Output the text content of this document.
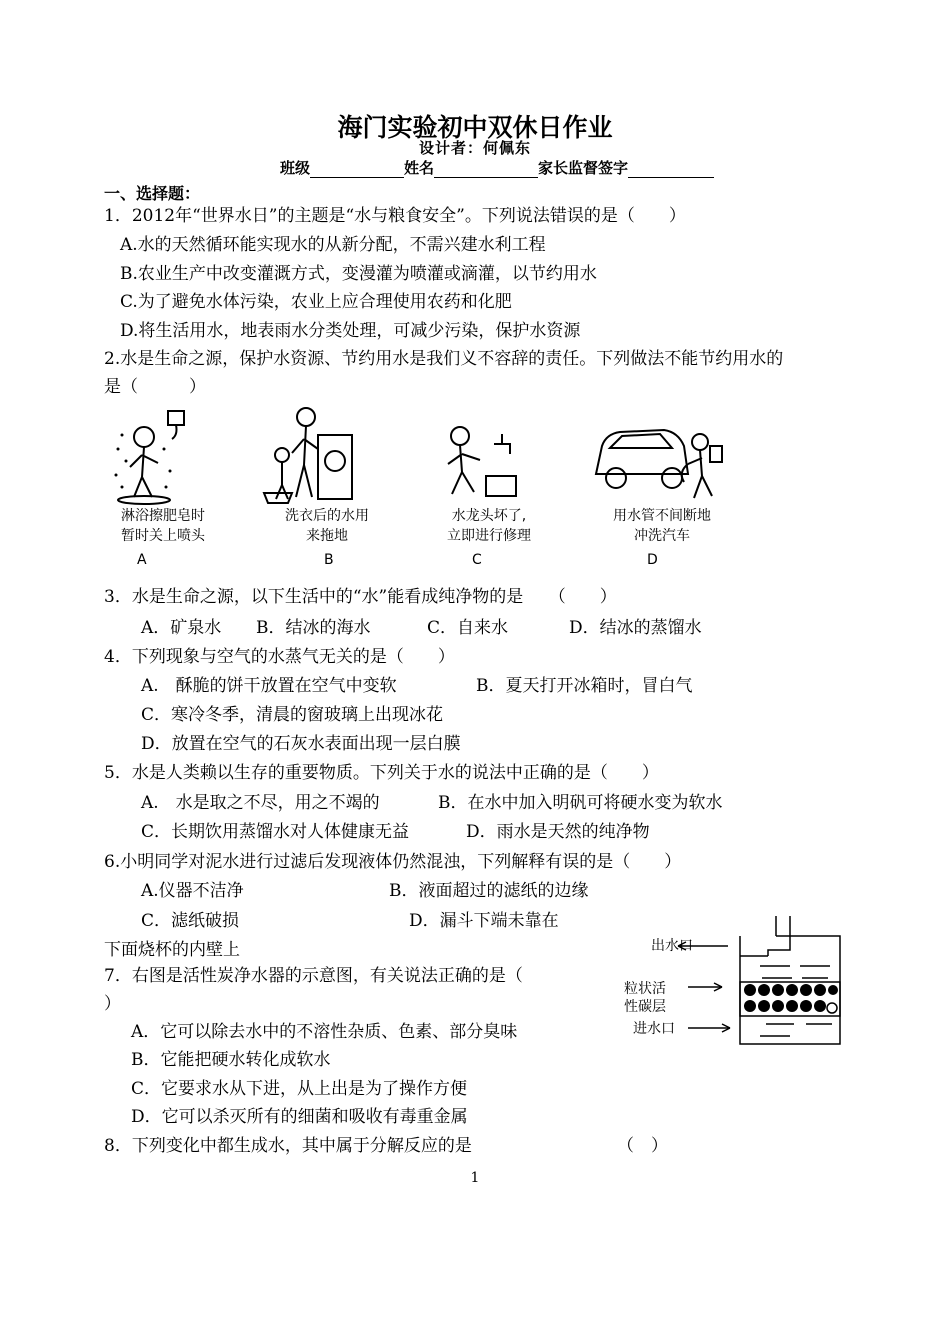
海门实验初中双休日作业
设计者：何佩东
班级	姓名	家长监督签字
一、选择题：
1．2012年“世界水日”的主题是“水与粮食安全”。下列说法错误的是（　　）
A.水的天然循环能实现水的从新分配，不需兴建水利工程
B.农业生产中改变灌溉方式，变漫灌为喷灌或滴灌，以节约用水
C.为了避免水体污染，农业上应合理使用农药和化肥
D.将生活用水，地表雨水分类处理，可减少污染，保护水资源
2.水是生命之源，保护水资源、节约用水是我们义不容辞的责任。下列做法不能节约用水的
是（　　　）
淋浴擦肥皂时
暂时关上喷头
洗衣后的水用
来拖地
水龙头坏了,
立即进行修理
用水管不间断地
冲洗汽车
A	B	C	D
3．水是生命之源，以下生活中的“水”能看成纯净物的是　　（　　）
A．矿泉水 B．结冰的海水	C．自来水	D．结冰的蒸馏水
4．下列现象与空气的水蒸气无关的是（　　）
A.　酥脆的饼干放置在空气中变软	B．夏天打开冰箱时，冒白气
C．寒冷冬季，清晨的窗玻璃上出现冰花
D．放置在空气的石灰水表面出现一层白膜
5．水是人类赖以生存的重要物质。下列关于水的说法中正确的是（　　）
A.　水是取之不尽，用之不竭的	B．在水中加入明矾可将硬水变为软水
C．长期饮用蒸馏水对人体健康无益	D．雨水是天然的纯净物
6.小明同学对泥水进行过滤后发现液体仍然混浊，下列解释有误的是（　　）
A.仪器不洁净	B．液面超过的滤纸的边缘
C．滤纸破损	D．漏斗下端未靠在
下面烧杯的内壁上
7．右图是活性炭净水器的示意图，有关说法正确的是（
）
A．它可以除去水中的不溶性杂质、色素、部分臭味
B．它能把硬水转化成软水
C．它要求水从下进，从上出是为了操作方便
D．它可以杀灭所有的细菌和吸收有毒重金属
出水口
粒状活
性碳层
进水口
8．下列变化中都生成水，其中属于分解反应的是	（　）
1
